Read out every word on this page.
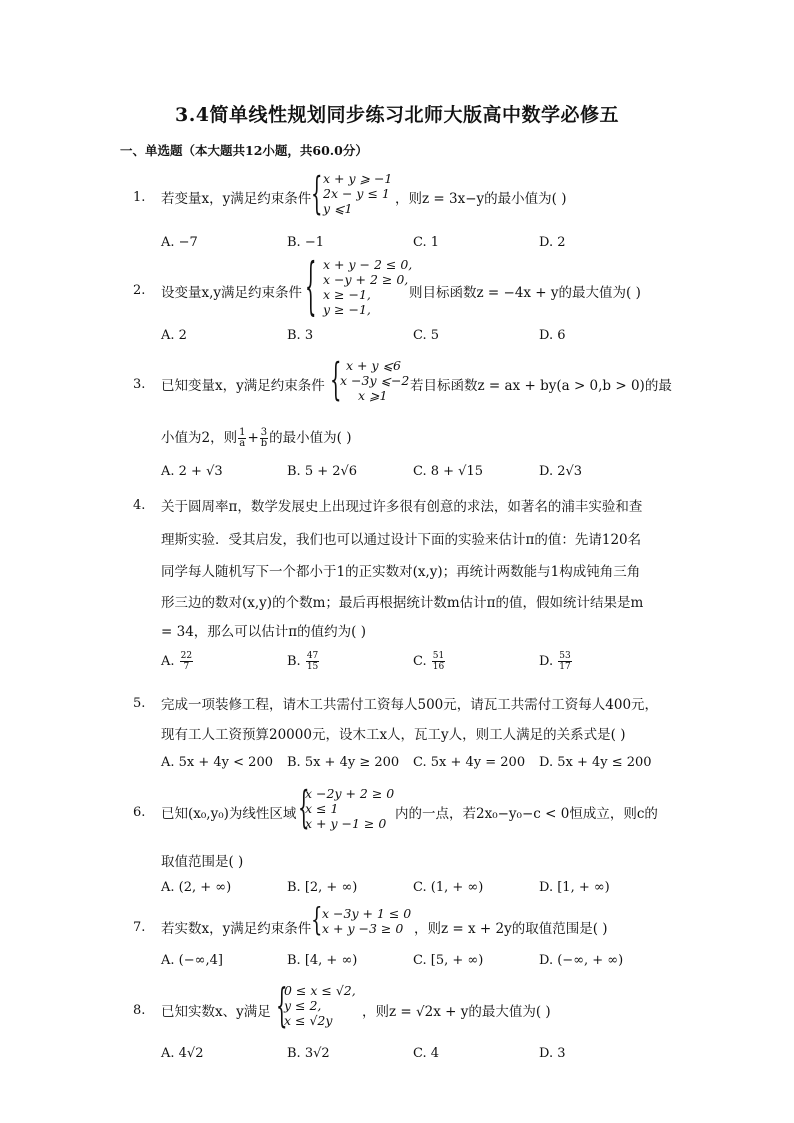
3.4简单线性规划同步练习北师大版高中数学必修五
一、单选题（本大题共12小题，共60.0分）
1. 若变量x，y满足约束条件 { x + y ⩾ −1
2x − y ≤ 1
y ⩽1
，则z = 3x−y的最小值为( )
A. −7	B. −1	C. 1	D. 2
2. 设变量x,y满足约束条件 { x + y − 2 ≤ 0,
x −y + 2 ≥ 0,
x ≥ −1,
y ≥ −1,
则目标函数z = −4x + y的最大值为( )
A. 2	B. 3	C. 5	D. 6
3. 已知变量x，y满足约束条件 { x + y ⩽6
x −3y ⩽−2
x ⩾1
若目标函数z = ax + by(a > 0,b > 0)的最
小值为2，则 $\frac{1}{a} + \frac{3}{b}$ 的最小值为( )
A. 2 + √3	B. 5 + 2√6	C. 8 + √15	D. 2√3
4. 关于圆周率π，数学发展史上出现过许多很有创意的求法，如著名的浦丰实验和查
理斯实验．受其启发，我们也可以通过设计下面的实验来估计π的值：先请120名
同学每人随机写下一个都小于1的正实数对(x,y)；再统计两数能与1构成钝角三角
形三边的数对(x,y)的个数m；最后再根据统计数m估计π的值，假如统计结果是m
= 34，那么可以估计π的值约为( )
A. $\frac{22}{7}$	B. $\frac{47}{15}$	C. $\frac{51}{16}$	D. $\frac{53}{17}$
5. 完成一项装修工程，请木工共需付工资每人500元，请瓦工共需付工资每人400元，
现有工人工资预算20000元，设木工x人，瓦工y人，则工人满足的关系式是( )
A. 5x + 4y < 200 B. 5x + 4y ≥ 200 C. 5x + 4y = 200 D. 5x + 4y ≤ 200
6. 已知(x₀,y₀)为线性区域 {
x −2y + 2 ≥ 0
x ≤ 1
x + y −1 ≥ 0
内的一点，若2x₀−y₀−c < 0恒成立，则c的
取值范围是( )
A. (2, + ∞)	B. [2, + ∞)	C. (1, + ∞)	D. [1, + ∞)
7. 若实数x，y满足约束条件 { x −3y + 1 ≤ 0
x + y −3 ≥ 0 ，则z = x + 2y的取值范围是( )
A. (−∞,4]	B. [4, + ∞)	C. [5, + ∞)	D. (−∞, + ∞)
8. 已知实数x、y满足 {
0 ≤ x ≤ √2,
y ≤ 2,
x ≤ √2y
，则z = √2x + y的最大值为( )
A. 4√2	B. 3√2	C. 4	D. 3
